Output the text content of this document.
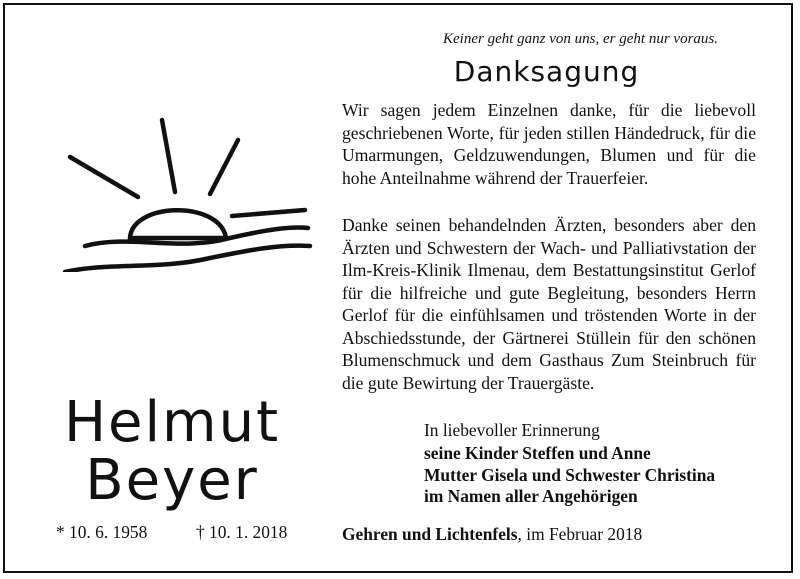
Keiner geht ganz von uns, er geht nur voraus.
Danksagung
Wir sagen jedem Einzelnen danke, für die liebevoll geschriebenen Worte, für jeden stillen Händedruck, für die Umarmungen, Geldzuwendungen, Blumen und für die hohe Anteilnahme während der Trauerfeier.
Danke seinen behandelnden Ärzten, besonders aber den Ärzten und Schwestern der Wach- und Palliativstation der Ilm-Kreis-Klinik Ilmenau, dem Bestattungsinstitut Gerlof für die hilfreiche und gute Begleitung, besonders Herrn Gerlof für die einfühlsamen und tröstenden Worte in der Abschiedsstunde, der Gärtnerei Stüllein für den schönen Blumenschmuck und dem Gasthaus Zum Steinbruch für die gute Bewirtung der Trauergäste.
In liebevoller Erinnerung
seine Kinder Steffen und Anne
Mutter Gisela und Schwester Christina
im Namen aller Angehörigen
Gehren und Lichtenfels, im Februar 2018
Helmut
Beyer
* 10. 6. 1958	† 10. 1. 2018
